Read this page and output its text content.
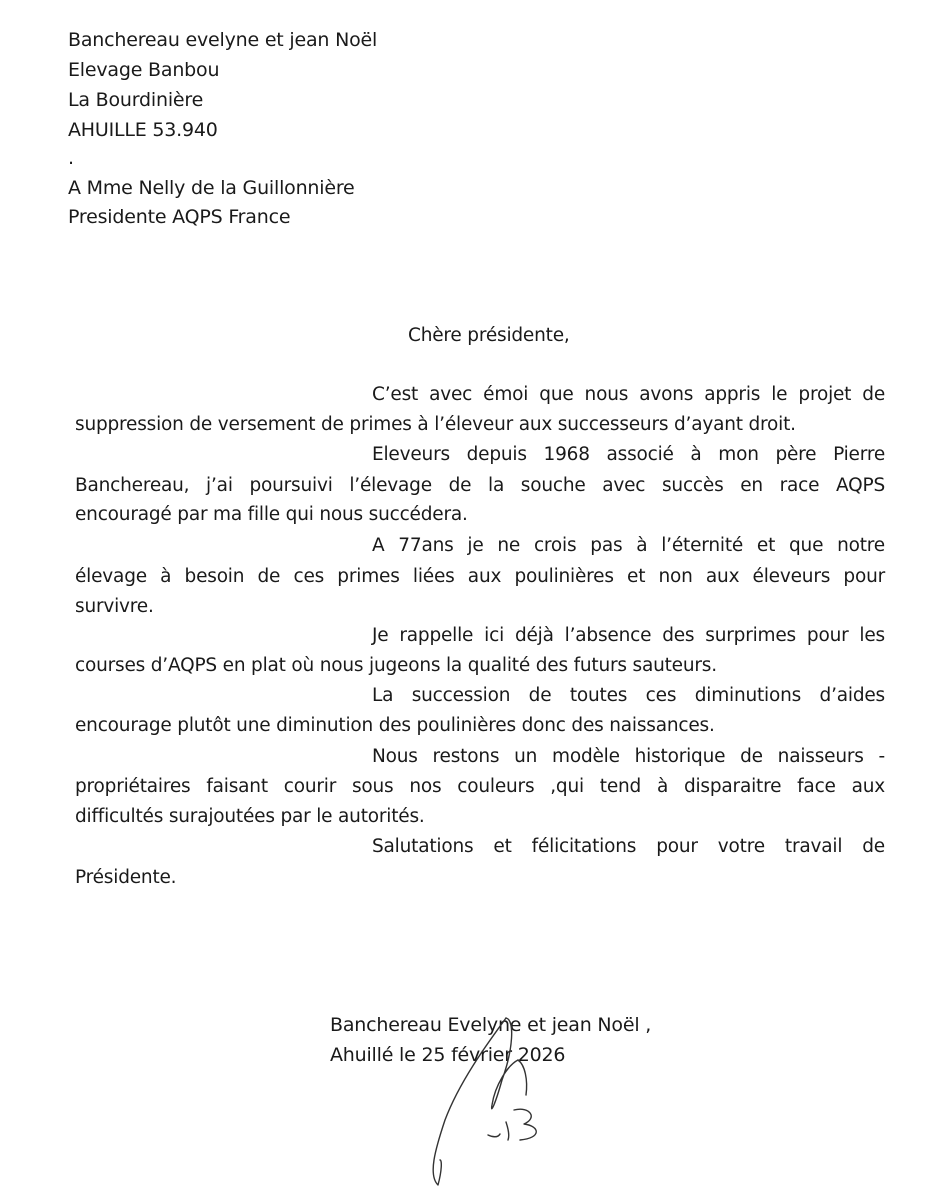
Banchereau evelyne et jean Noël
Elevage Banbou
La Bourdinière
AHUILLE 53.940
.
A Mme Nelly de la Guillonnière
Presidente AQPS France
Chère présidente,
C’est avec émoi que nous avons appris le projet de
suppression de versement de primes à l’éleveur aux successeurs d’ayant droit.
Eleveurs depuis 1968 associé à mon père Pierre
Banchereau, j’ai poursuivi l’élevage de la souche avec succès en race AQPS
encouragé par ma fille qui nous succédera.
A 77ans je ne crois pas à l’éternité et que notre
élevage à besoin de ces primes liées aux poulinières et non aux éleveurs pour
survivre.
Je rappelle ici déjà l’absence des surprimes pour les
courses d’AQPS en plat où nous jugeons la qualité des futurs sauteurs.
La succession de toutes ces diminutions d’aides
encourage plutôt une diminution des poulinières donc des naissances.
Nous restons un modèle historique de naisseurs -
propriétaires faisant courir sous nos couleurs ,qui tend à disparaitre face aux
difficultés surajoutées par le autorités.
Salutations et félicitations pour votre travail de
Présidente.
Banchereau Evelyne et jean Noël ,
Ahuillé le 25 février 2026
